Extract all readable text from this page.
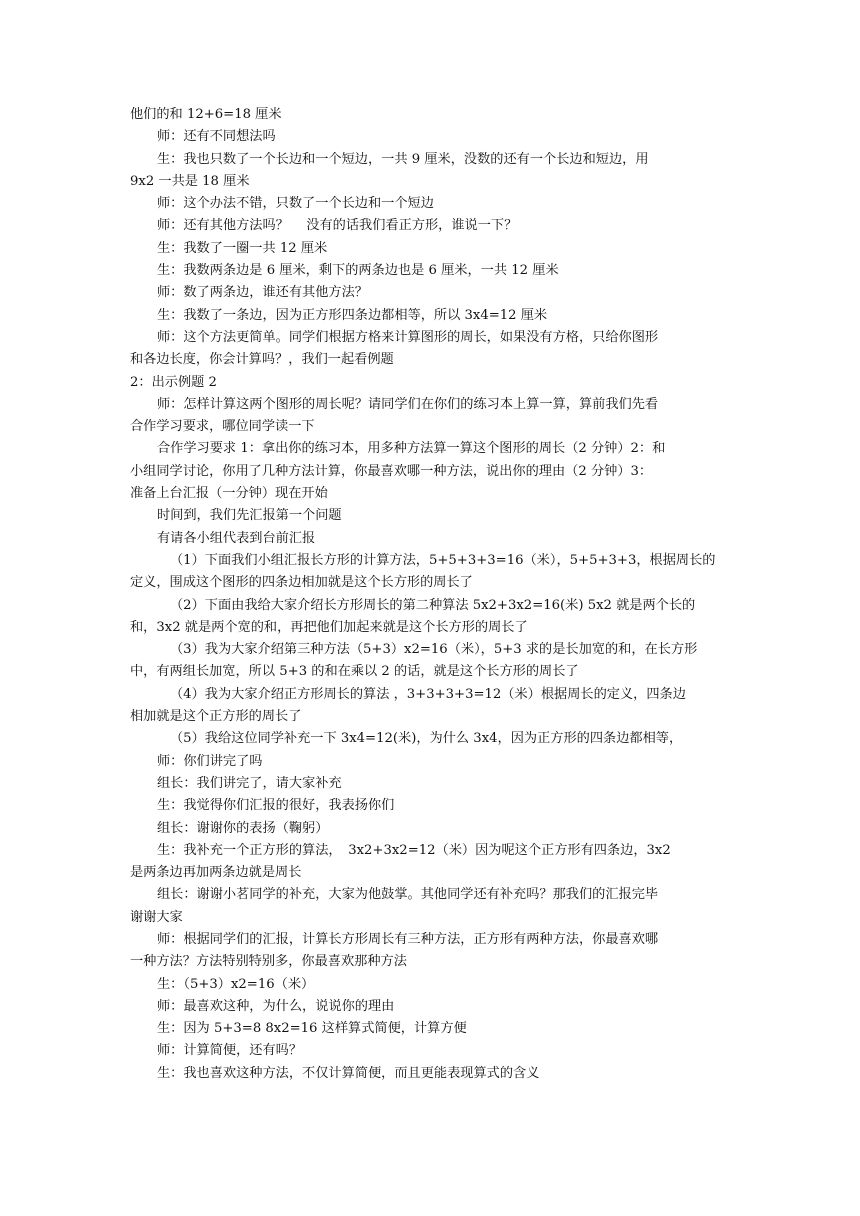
他们的和 12+6=18 厘米
师：还有不同想法吗
生：我也只数了一个长边和一个短边，一共 9 厘米，没数的还有一个长边和短边，用
9x2 一共是 18 厘米
师：这个办法不错，只数了一个长边和一个短边
师：还有其他方法吗？　 没有的话我们看正方形，谁说一下？
生：我数了一圈一共 12 厘米
生：我数两条边是 6 厘米，剩下的两条边也是 6 厘米，一共 12 厘米
师：数了两条边，谁还有其他方法？
生：我数了一条边，因为正方形四条边都相等，所以 3x4=12 厘米
师：这个方法更简单。同学们根据方格来计算图形的周长，如果没有方格，只给你图形
和各边长度，你会计算吗？，我们一起看例题
2：出示例题 2
师：怎样计算这两个图形的周长呢？请同学们在你们的练习本上算一算，算前我们先看
合作学习要求，哪位同学读一下
合作学习要求 1：拿出你的练习本，用多种方法算一算这个图形的周长（2 分钟）2：和
小组同学讨论，你用了几种方法计算，你最喜欢哪一种方法，说出你的理由（2 分钟）3：
准备上台汇报（一分钟）现在开始
时间到，我们先汇报第一个问题
有请各小组代表到台前汇报
（1）下面我们小组汇报长方形的计算方法，5+5+3+3=16（米），5+5+3+3，根据周长的
定义，围成这个图形的四条边相加就是这个长方形的周长了
（2）下面由我给大家介绍长方形周长的第二种算法 5x2+3x2=16(米) 5x2 就是两个长的
和，3x2 就是两个宽的和，再把他们加起来就是这个长方形的周长了
（3）我为大家介绍第三种方法（5+3）x2=16（米），5+3 求的是长加宽的和，在长方形
中，有两组长加宽，所以 5+3 的和在乘以 2 的话，就是这个长方形的周长了
（4）我为大家介绍正方形周长的算法 ，3+3+3+3=12（米）根据周长的定义，四条边
相加就是这个正方形的周长了
（5）我给这位同学补充一下 3x4=12(米)，为什么 3x4，因为正方形的四条边都相等，
师：你们讲完了吗
组长：我们讲完了，请大家补充
生：我觉得你们汇报的很好，我表扬你们
组长：谢谢你的表扬（鞠躬）
生：我补充一个正方形的算法，　3x2+3x2=12（米）因为呢这个正方形有四条边，3x2
是两条边再加两条边就是周长
组长：谢谢小茗同学的补充，大家为他鼓掌。其他同学还有补充吗？那我们的汇报完毕
谢谢大家
师：根据同学们的汇报，计算长方形周长有三种方法，正方形有两种方法，你最喜欢哪
一种方法？方法特别特别多，你最喜欢那种方法
生：（5+3）x2=16（米）
师：最喜欢这种，为什么，说说你的理由
生：因为 5+3=8 8x2=16 这样算式简便，计算方便
师：计算简便，还有吗？
生：我也喜欢这种方法，不仅计算简便，而且更能表现算式的含义
